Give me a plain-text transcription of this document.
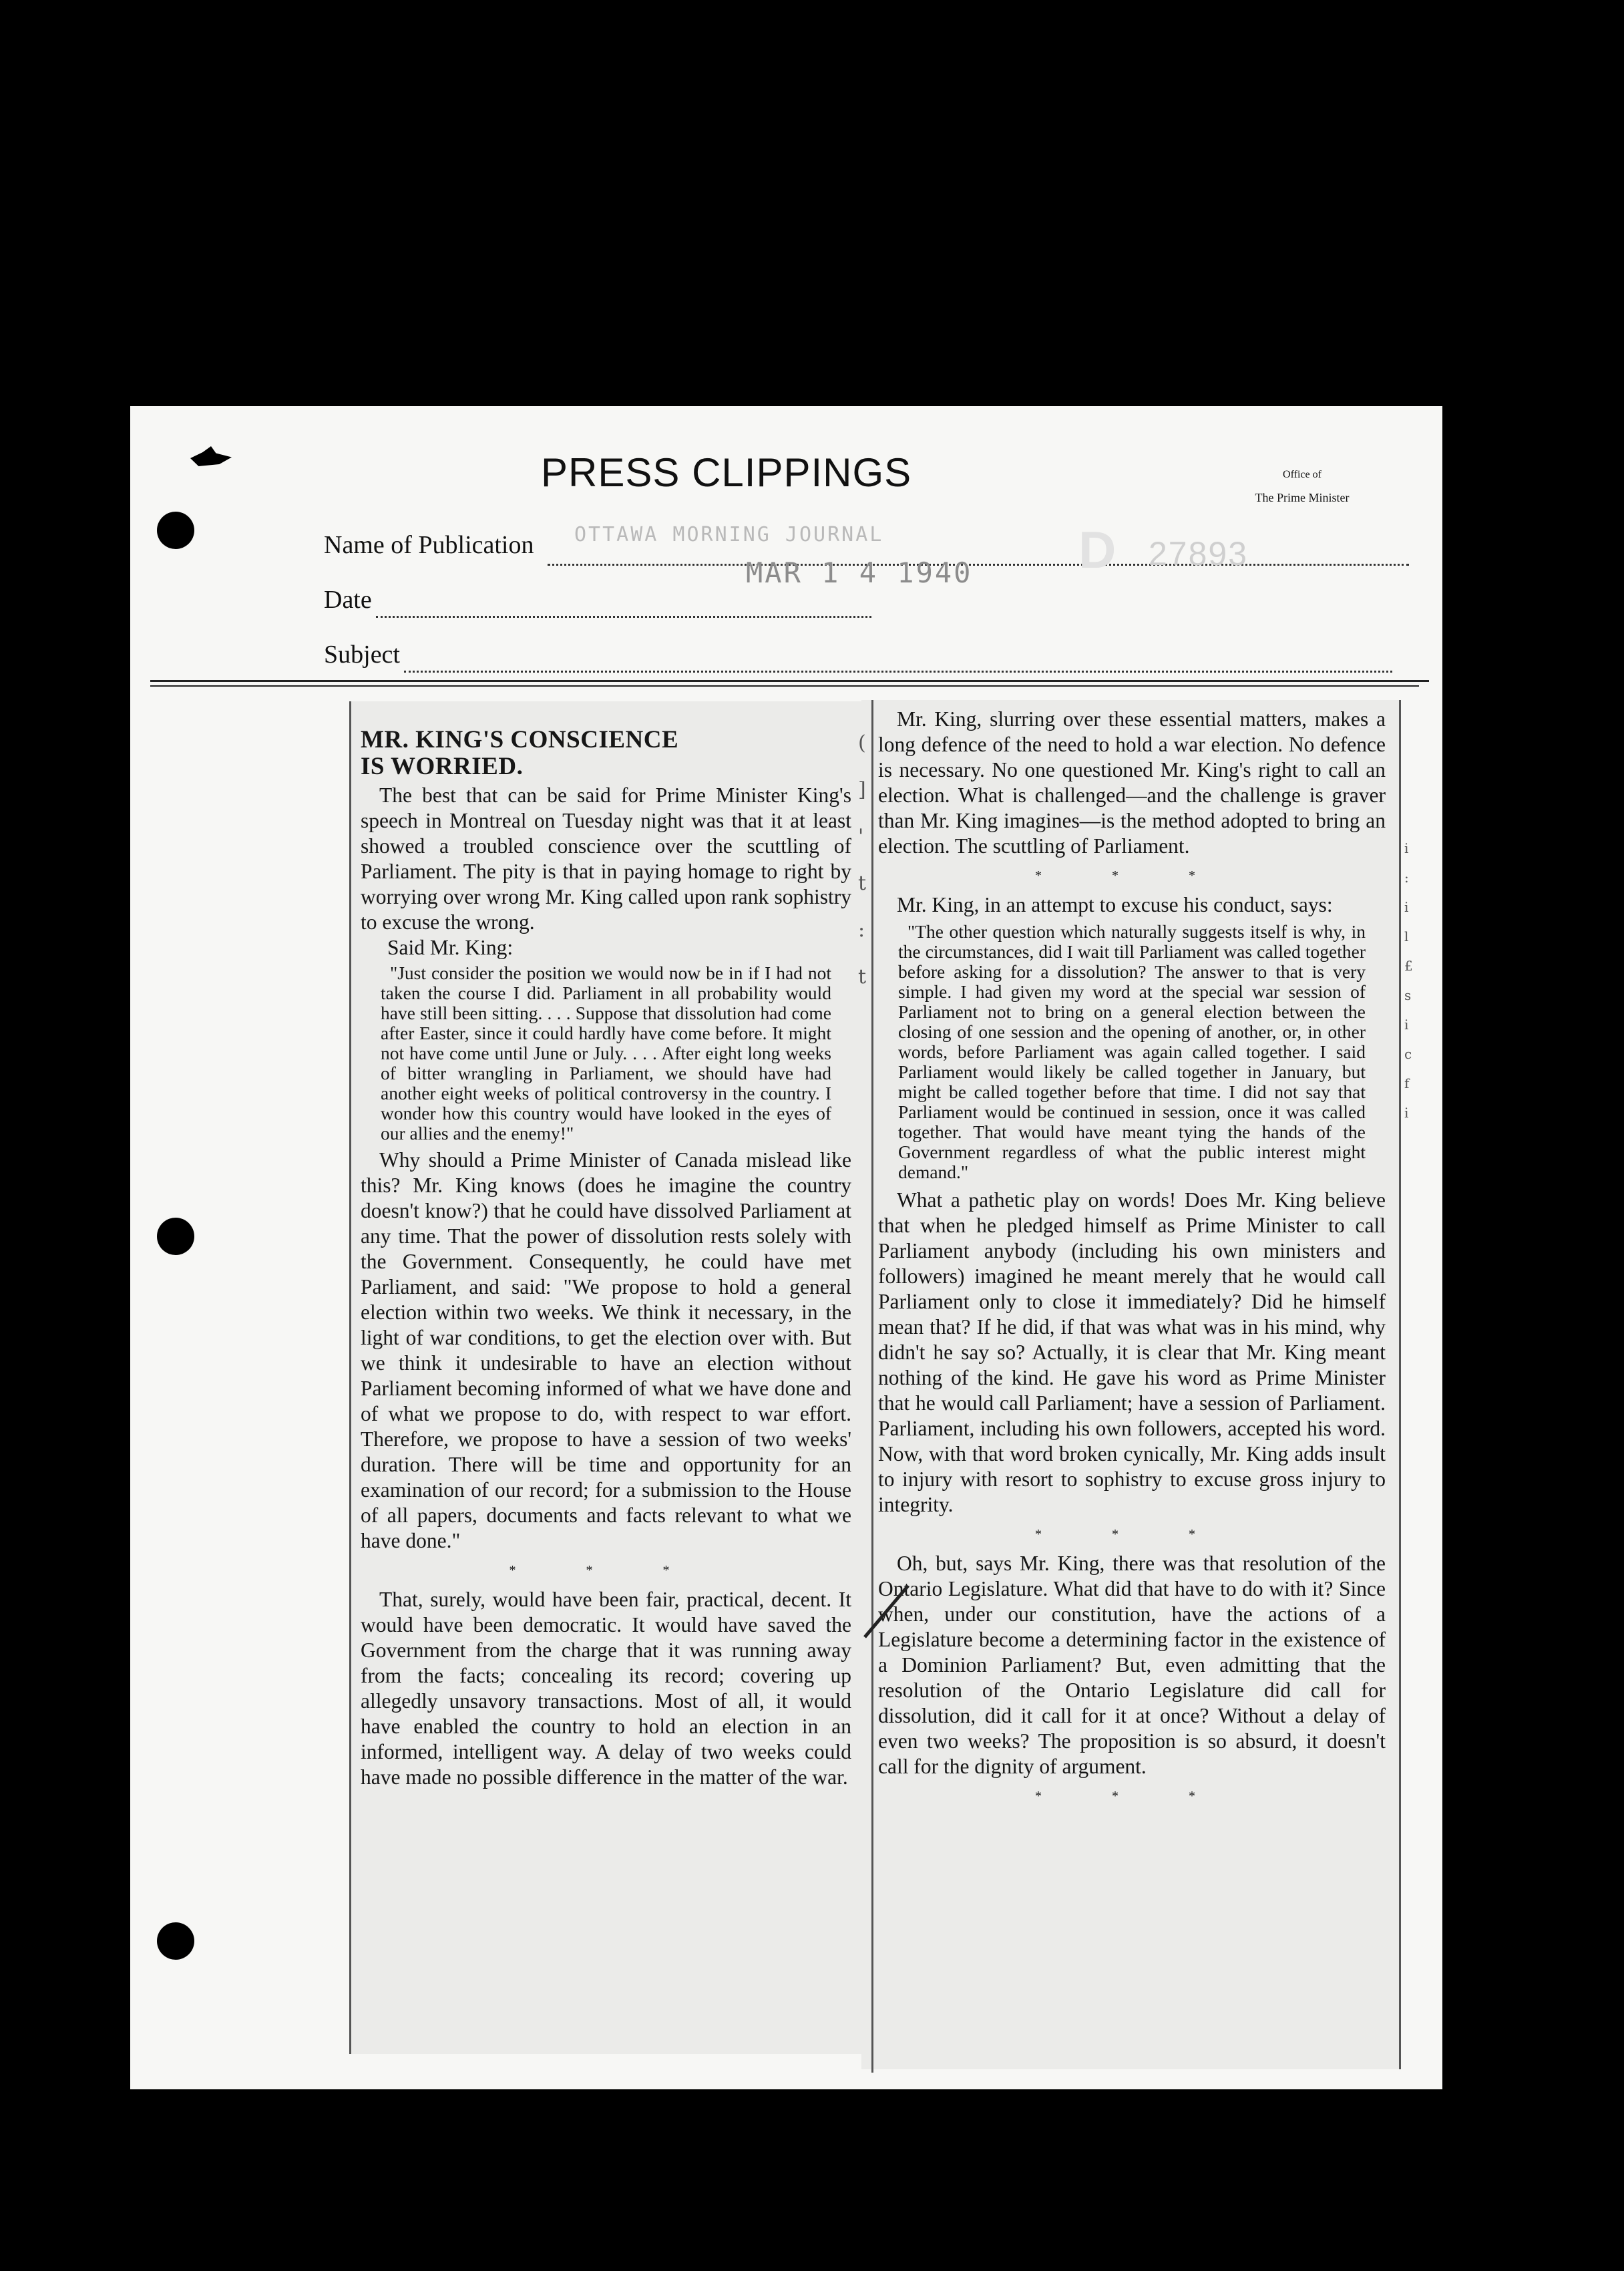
PRESS CLIPPINGS	Office of
The Prime Minister
Name of Publication OTTAWA MORNING JOURNAL
Date
MAR 1 4 1940 D 27893
Subject
(
]
'
t
:
t
i
:
i
l
£
s
i
c
f
i

MR. KING'S CONSCIENCE

IS WORRIED.

The best that can be said for Prime Minister King's speech in Montreal on Tuesday night was that it at least showed a troubled conscience over the scuttling of Parliament. The pity is that in paying homage to right by worrying over wrong Mr. King called upon rank sophistry to excuse the wrong.

Said Mr. King:

"Just consider the position we would now be in if I had not taken the course I did. Parliament in all probability would have still been sitting. . . . Suppose that dissolution had come after Easter, since it could hardly have come before. It might not have come until June or July. . . . After eight long weeks of bitter wrangling in Parliament, we should have had another eight weeks of political controversy in the country. I wonder how this country would have looked in the eyes of our allies and the enemy!"

Why should a Prime Minister of Canada mislead like this? Mr. King knows (does he imagine the country doesn't know?) that he could have dissolved Parliament at any time. That the power of dissolution rests solely with the Government. Consequently, he could have met Parliament, and said: "We propose to hold a general election within two weeks. We think it necessary, in the light of war conditions, to get the election over with. But we think it undesirable to have an election without Parliament becoming informed of what we have done and of what we propose to do, with respect to war effort. Therefore, we propose to have a session of two weeks' duration. There will be time and opportunity for an examination of our record; for a submission to the House of all papers, documents and facts relevant to what we have done."

* * *

That, surely, would have been fair, practical, decent. It would have been democratic. It would have saved the Government from the charge that it was running away from the facts; concealing its record; covering up allegedly unsavory transactions. Most of all, it would have enabled the country to hold an election in an informed, intelligent way. A delay of two weeks could have made no possible difference in the matter of the war.

Mr. King, slurring over these essential matters, makes a long defence of the need to hold a war election. No defence is necessary. No one questioned Mr. King's right to call an election. What is challenged—and the challenge is graver than Mr. King imagines—is the method adopted to bring an election. The scuttling of Parliament.

* * *

Mr. King, in an attempt to excuse his conduct, says:

"The other question which naturally suggests itself is why, in the circumstances, did I wait till Parliament was called together before asking for a dissolution? The answer to that is very simple. I had given my word at the special war session of Parliament not to bring on a general election between the closing of one session and the opening of another, or, in other words, before Parliament was again called together. I said Parliament would likely be called together in January, but might be called together before that time. I did not say that Parliament would be continued in session, once it was called together. That would have meant tying the hands of the Government regardless of what the public interest might demand."

What a pathetic play on words! Does Mr. King believe that when he pledged himself as Prime Minister to call Parliament anybody (including his own ministers and followers) imagined he meant merely that he would call Parliament only to close it immediately? Did he himself mean that? If he did, if that was what was in his mind, why didn't he say so? Actually, it is clear that Mr. King meant nothing of the kind. He gave his word as Prime Minister that he would call Parliament; have a session of Parliament. Parliament, including his own followers, accepted his word. Now, with that word broken cynically, Mr. King adds insult to injury with resort to sophistry to excuse gross injury to integrity.

* * *

Oh, but, says Mr. King, there was that resolution of the Ontario Legislature. What did that have to do with it? Since when, under our constitution, have the actions of a Legislature become a determining factor in the existence of a Dominion Parliament? But, even admitting that the resolution of the Ontario Legislature did call for dissolution, did it call for it at once? Without a delay of even two weeks? The proposition is so absurd, it doesn't call for the dignity of argument.

* * *
